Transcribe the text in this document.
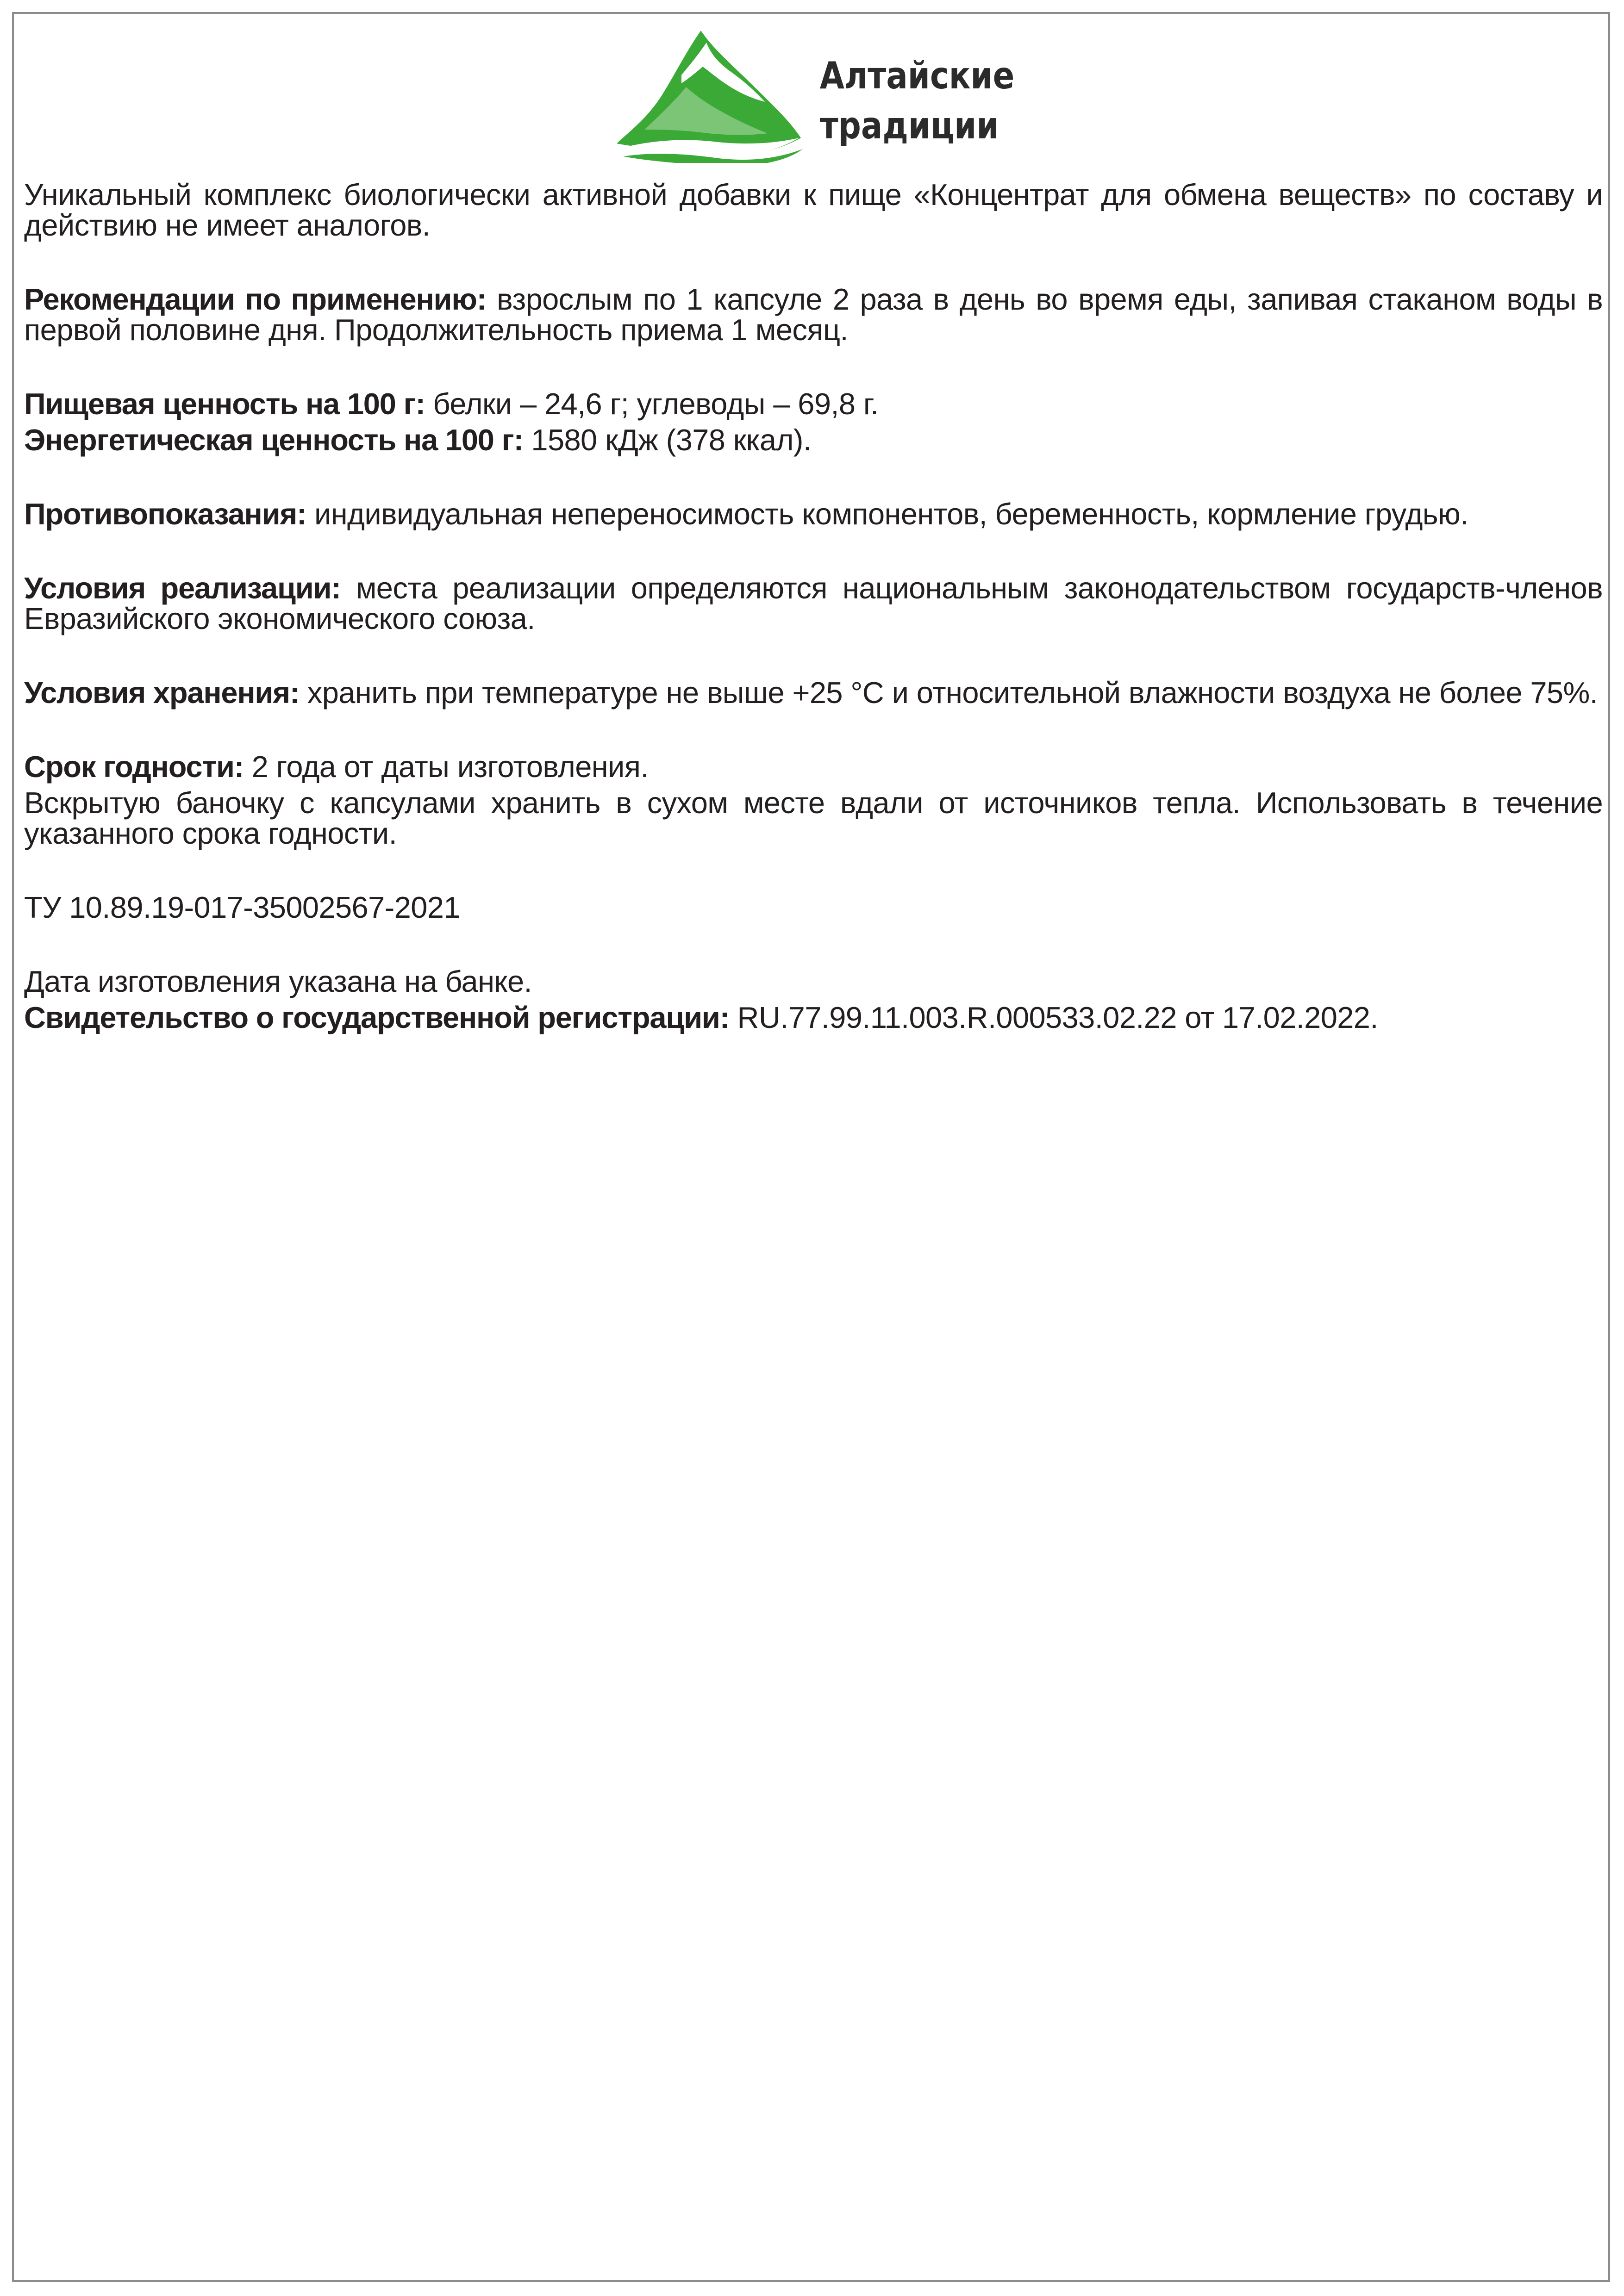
Алтайские
традиции

Уникальный комплекс биологически активной добавки к пище «Концентрат для обмена веществ» по составу и действию не имеет аналогов.

Рекомендации по применению: взрослым по 1 капсуле 2 раза в день во время еды, запивая стаканом воды в первой половине дня. Продолжительность приема 1 месяц.

Пищевая ценность на 100 г: белки – 24,6 г; углеводы – 69,8 г.

Энергетическая ценность на 100 г: 1580 кДж (378 ккал).

Противопоказания: индивидуальная непереносимость компонентов, беременность, кормление грудью.

Условия реализации: места реализации определяются национальным законодательством государств-членов Евразийского экономического союза.

Условия хранения: хранить при температуре не выше +25 °С и относительной влажности воздуха не более 75%.

Срок годности: 2 года от даты изготовления.

Вскрытую баночку с капсулами хранить в сухом месте вдали от источников тепла. Использовать в течение указанного срока годности.

ТУ 10.89.19-017-35002567-2021

Дата изготовления указана на банке.

Свидетельство о государственной регистрации: RU.77.99.11.003.R.000533.02.22 от 17.02.2022.
